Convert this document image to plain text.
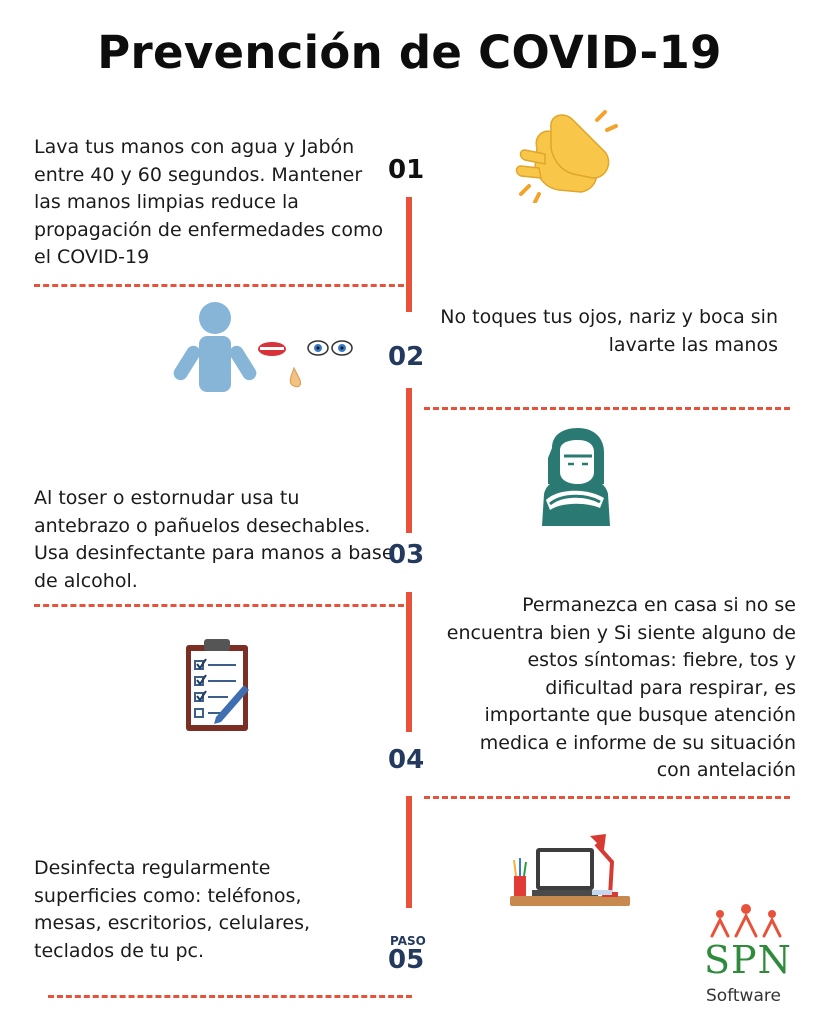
Prevención de COVID-19
Lava tus manos con agua y Jabón entre 40 y 60 segundos. Mantener las manos limpias reduce la propagación de enfermedades como el COVID-19
01
No toques tus ojos, nariz y boca sin lavarte las manos
02
Al toser o estornudar usa tu antebrazo o pañuelos desechables. Usa desinfectante para manos a base de alcohol.
03
Permanezca en casa si no se encuentra bien y Si siente alguno de estos síntomas: fiebre, tos y dificultad para respirar, es importante que busque atención medica e informe de su situación con antelación
04
Desinfecta regularmente superficies como: teléfonos, mesas, escritorios, celulares, teclados de tu pc.	PASO
05	SPN
Software
